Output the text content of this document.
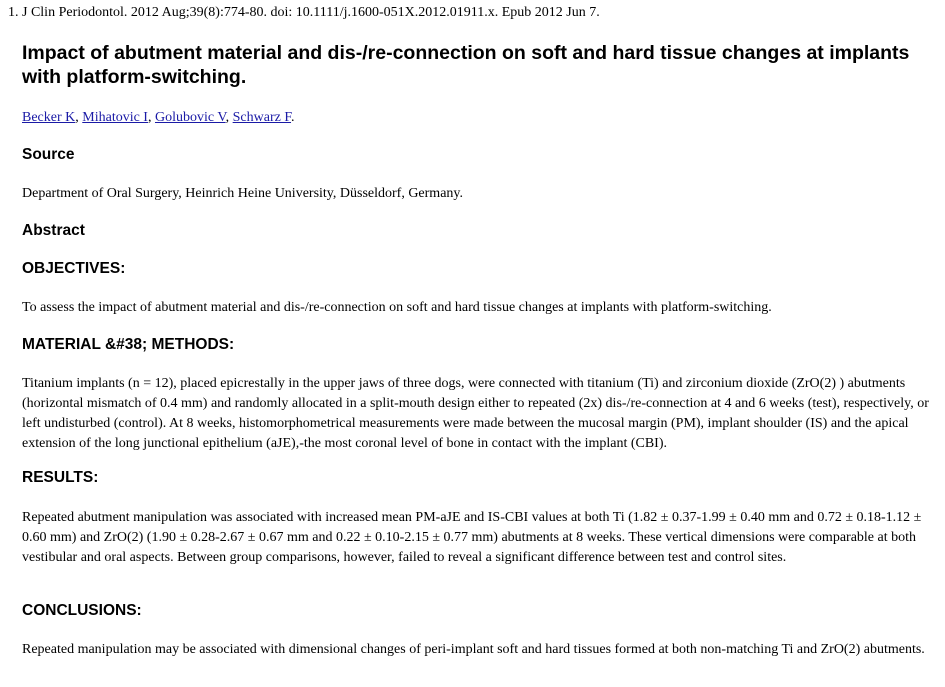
1. J Clin Periodontol. 2012 Aug;39(8):774-80. doi: 10.1111/j.1600-051X.2012.01911.x. Epub 2012 Jun 7.
Impact of abutment material and dis-/re-connection on soft and hard tissue changes at implants with platform-switching.
Becker K, Mihatovic I, Golubovic V, Schwarz F.
Source

Department of Oral Surgery, Heinrich Heine University, Düsseldorf, Germany.

Abstract
OBJECTIVES:

To assess the impact of abutment material and dis-/re-connection on soft and hard tissue changes at implants with platform-switching.

MATERIAL &#38; METHODS:

Titanium implants (n = 12), placed epicrestally in the upper jaws of three dogs, were connected with titanium (Ti) and zirconium dioxide (ZrO(2) ) abutments (horizontal mismatch of 0.4 mm) and randomly allocated in a split-mouth design either to repeated (2x) dis-/re-connection at 4 and 6 weeks (test), respectively, or left undisturbed (control). At 8 weeks, histomorphometrical measurements were made between the mucosal margin (PM), implant shoulder (IS) and the apical extension of the long junctional epithelium (aJE),-the most coronal level of bone in contact with the implant (CBI).

RESULTS:

Repeated abutment manipulation was associated with increased mean PM-aJE and IS-CBI values at both Ti (1.82 ± 0.37-1.99 ± 0.40 mm and 0.72 ± 0.18-1.12 ± 0.60 mm) and ZrO(2) (1.90 ± 0.28-2.67 ± 0.67 mm and 0.22 ± 0.10-2.15 ± 0.77 mm) abutments at 8 weeks. These vertical dimensions were comparable at both vestibular and oral aspects. Between group comparisons, however, failed to reveal a significant difference between test and control sites.

CONCLUSIONS:

Repeated manipulation may be associated with dimensional changes of peri-implant soft and hard tissues formed at both non-matching Ti and ZrO(2) abutments.
